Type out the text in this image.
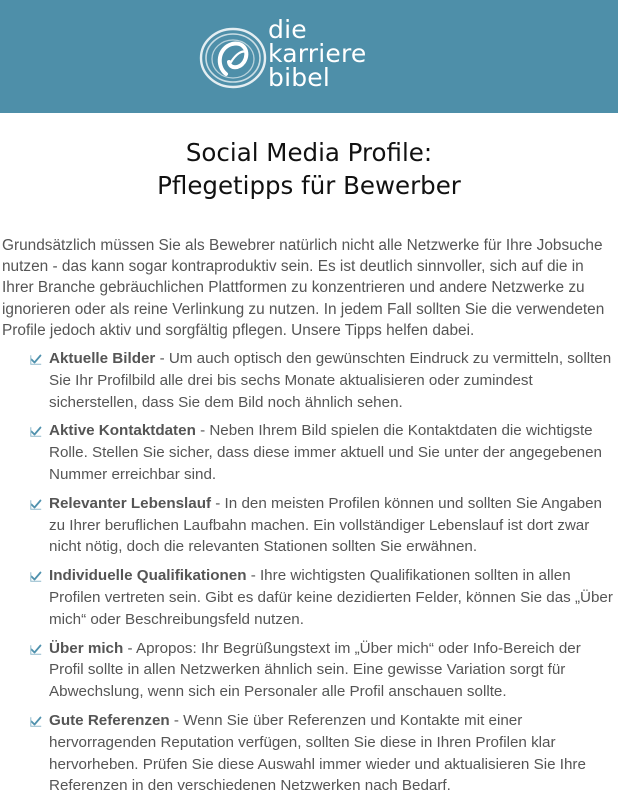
die
karriere
bibel
Social Media Profile:
Pflegetipps für Bewerber

Grundsätzlich müssen Sie als Bewebrer natürlich nicht alle Netzwerke für Ihre Jobsuche nutzen - das kann sogar kontraproduktiv sein. Es ist deutlich sinnvoller, sich auf die in Ihrer Branche gebräuchlichen Plattformen zu konzentrieren und andere Netzwerke zu ignorieren oder als reine Verlinkung zu nutzen. In jedem Fall sollten Sie die verwendeten Profile jedoch aktiv und sorgfältig pflegen. Unsere Tipps helfen dabei.

Aktuelle Bilder - Um auch optisch den gewünschten Eindruck zu vermitteln, sollten Sie Ihr Profilbild alle drei bis sechs Monate aktualisieren oder zumindest sicherstellen, dass Sie dem Bild noch ähnlich sehen.
Aktive Kontaktdaten - Neben Ihrem Bild spielen die Kontaktdaten die wichtigste Rolle. Stellen Sie sicher, dass diese immer aktuell und Sie unter der angegebenen Nummer erreichbar sind.
Relevanter Lebenslauf - In den meisten Profilen können und sollten Sie Angaben zu Ihrer beruflichen Laufbahn machen. Ein vollständiger Lebenslauf ist dort zwar nicht nötig, doch die relevanten Stationen sollten Sie erwähnen.
Individuelle Qualifikationen - Ihre wichtigsten Qualifikationen sollten in allen Profilen vertreten sein. Gibt es dafür keine dezidierten Felder, können Sie das „Über mich“ oder Beschreibungsfeld nutzen.
Über mich - Apropos: Ihr Begrüßungstext im „Über mich“ oder Info-Bereich der Profil sollte in allen Netzwerken ähnlich sein. Eine gewisse Variation sorgt für Abwechslung, wenn sich ein Personaler alle Profil anschauen sollte.
Gute Referenzen - Wenn Sie über Referenzen und Kontakte mit einer hervorragenden Reputation verfügen, sollten Sie diese in Ihren Profilen klar hervorheben. Prüfen Sie diese Auswahl immer wieder und aktualisieren Sie Ihre Referenzen in den verschiedenen Netzwerken nach Bedarf.
